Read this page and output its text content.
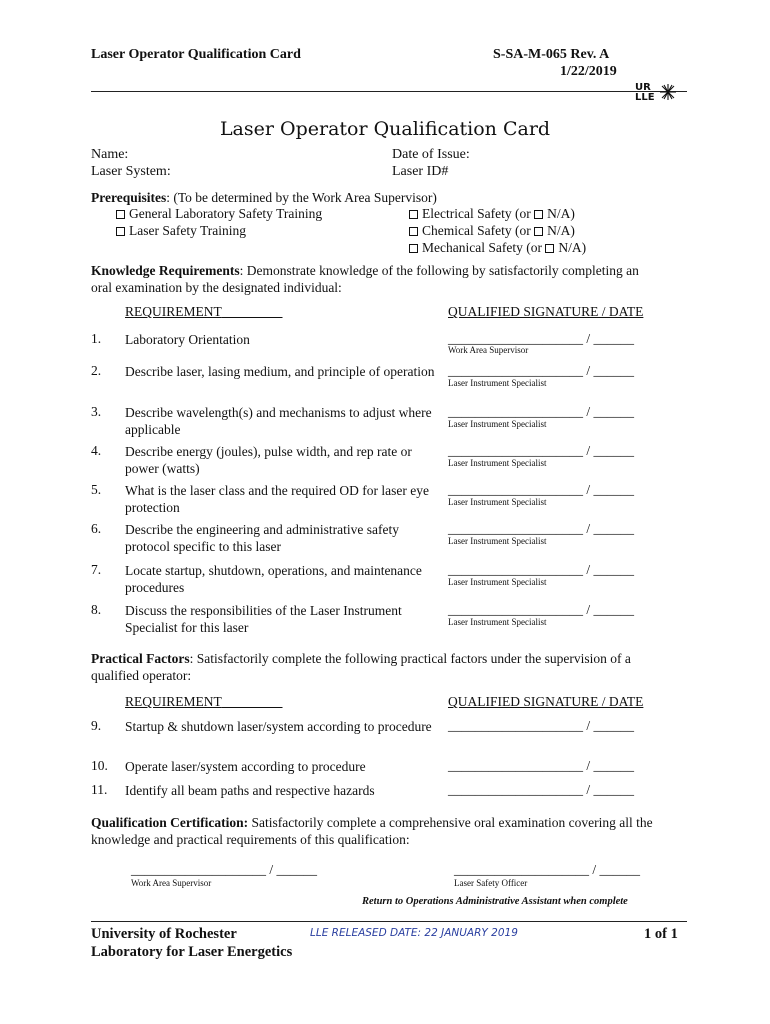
Laser Operator Qualification Card	S-SA-M-065 Rev. A
1/22/2019
UR
LLE
Laser Operator Qualification Card
Name:
Laser System:
Date of Issue:
Laser ID#
Prerequisites: (To be determined by the Work Area Supervisor)
General Laboratory Safety Training
Laser Safety Training
Electrical Safety (or N/A)
Chemical Safety (or N/A)
Mechanical Safety (or N/A)
Knowledge Requirements: Demonstrate knowledge of the following by satisfactorily completing an
oral examination by the designated individual:
REQUIREMENT	QUALIFIED SIGNATURE / DATE
1. Laboratory Orientation	____________________ / ______
Work Area Supervisor
2. Describe laser, lasing medium, and principle of operation ____________________ / ______
Laser Instrument Specialist
3. Describe wavelength(s) and mechanisms to adjust where applicable
____________________ / ______
Laser Instrument Specialist
4. Describe energy (joules), pulse width, and rep rate or power (watts)
____________________ / ______
Laser Instrument Specialist
5. What is the laser class and the required OD for laser eye protection
____________________ / ______
Laser Instrument Specialist
6. Describe the engineering and administrative safety protocol specific to this laser
____________________ / ______
Laser Instrument Specialist
7. Locate startup, shutdown, operations, and maintenance procedures
____________________ / ______
Laser Instrument Specialist
8. Discuss the responsibilities of the Laser Instrument Specialist for this laser
____________________ / ______
Laser Instrument Specialist
Practical Factors: Satisfactorily complete the following practical factors under the supervision of a
qualified operator:
REQUIREMENT	QUALIFIED SIGNATURE / DATE
9. Startup & shutdown laser/system according to procedure ____________________ / ______
10. Operate laser/system according to procedure	____________________ / ______
11. Identify all beam paths and respective hazards	____________________ / ______
Qualification Certification: Satisfactorily complete a comprehensive oral examination covering all the
knowledge and practical requirements of this qualification:
____________________ / ______
Work Area Supervisor
____________________ / ______
Laser Safety Officer
Return to Operations Administrative Assistant when complete
University of Rochester
Laboratory for Laser Energetics
LLE RELEASED DATE: 22 JANUARY 2019	1 of 1
